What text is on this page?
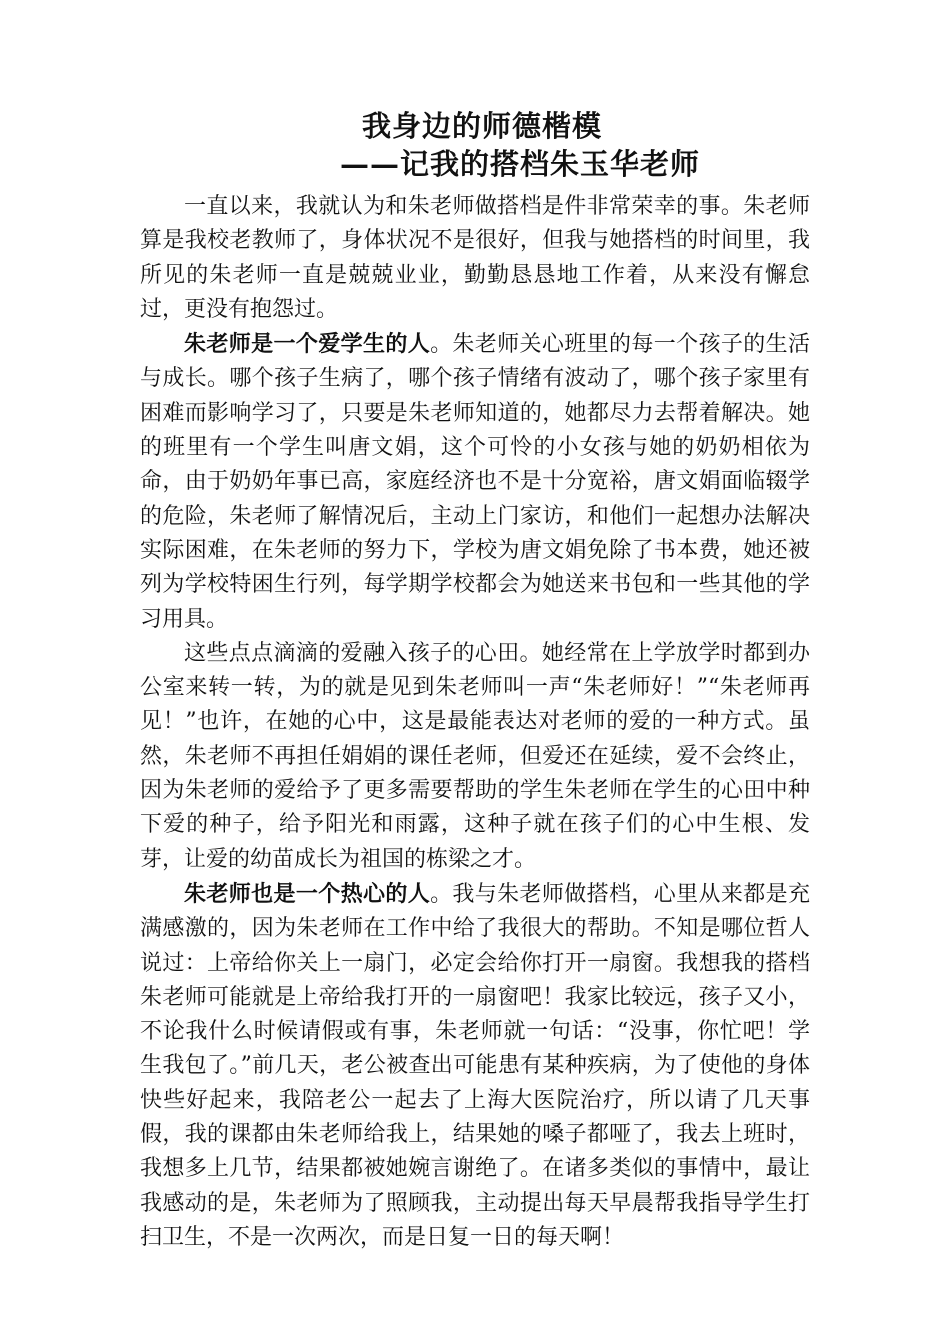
我身边的师德楷模
——记我的搭档朱玉华老师

一直以来，我就认为和朱老师做搭档是件非常荣幸的事。朱老师算是我校老教师了，身体状况不是很好，但我与她搭档的时间里，我所见的朱老师一直是兢兢业业，勤勤恳恳地工作着，从来没有懈怠过，更没有抱怨过。

朱老师是一个爱学生的人。朱老师关心班里的每一个孩子的生活与成长。哪个孩子生病了，哪个孩子情绪有波动了，哪个孩子家里有困难而影响学习了，只要是朱老师知道的，她都尽力去帮着解决。她的班里有一个学生叫唐文娟，这个可怜的小女孩与她的奶奶相依为命，由于奶奶年事已高，家庭经济也不是十分宽裕，唐文娟面临辍学的危险，朱老师了解情况后，主动上门家访，和他们一起想办法解决实际困难，在朱老师的努力下，学校为唐文娟免除了书本费，她还被列为学校特困生行列，每学期学校都会为她送来书包和一些其他的学习用具。

这些点点滴滴的爱融入孩子的心田。她经常在上学放学时都到办公室来转一转，为的就是见到朱老师叫一声“朱老师好！”“朱老师再见！”也许，在她的心中，这是最能表达对老师的爱的一种方式。虽然，朱老师不再担任娟娟的课任老师，但爱还在延续，爱不会终止，因为朱老师的爱给予了更多需要帮助的学生朱老师在学生的心田中种下爱的种子，给予阳光和雨露，这种子就在孩子们的心中生根、发芽，让爱的幼苗成长为祖国的栋梁之才。

朱老师也是一个热心的人。我与朱老师做搭档，心里从来都是充满感激的，因为朱老师在工作中给了我很大的帮助。不知是哪位哲人说过：上帝给你关上一扇门，必定会给你打开一扇窗。我想我的搭档朱老师可能就是上帝给我打开的一扇窗吧！我家比较远，孩子又小，不论我什么时候请假或有事，朱老师就一句话：“没事，你忙吧！学生我包了。”前几天，老公被查出可能患有某种疾病，为了使他的身体快些好起来，我陪老公一起去了上海大医院治疗，所以请了几天事假，我的课都由朱老师给我上，结果她的嗓子都哑了，我去上班时，我想多上几节，结果都被她婉言谢绝了。在诸多类似的事情中，最让我感动的是，朱老师为了照顾我，主动提出每天早晨帮我指导学生打扫卫生，不是一次两次，而是日复一日的每天啊！
